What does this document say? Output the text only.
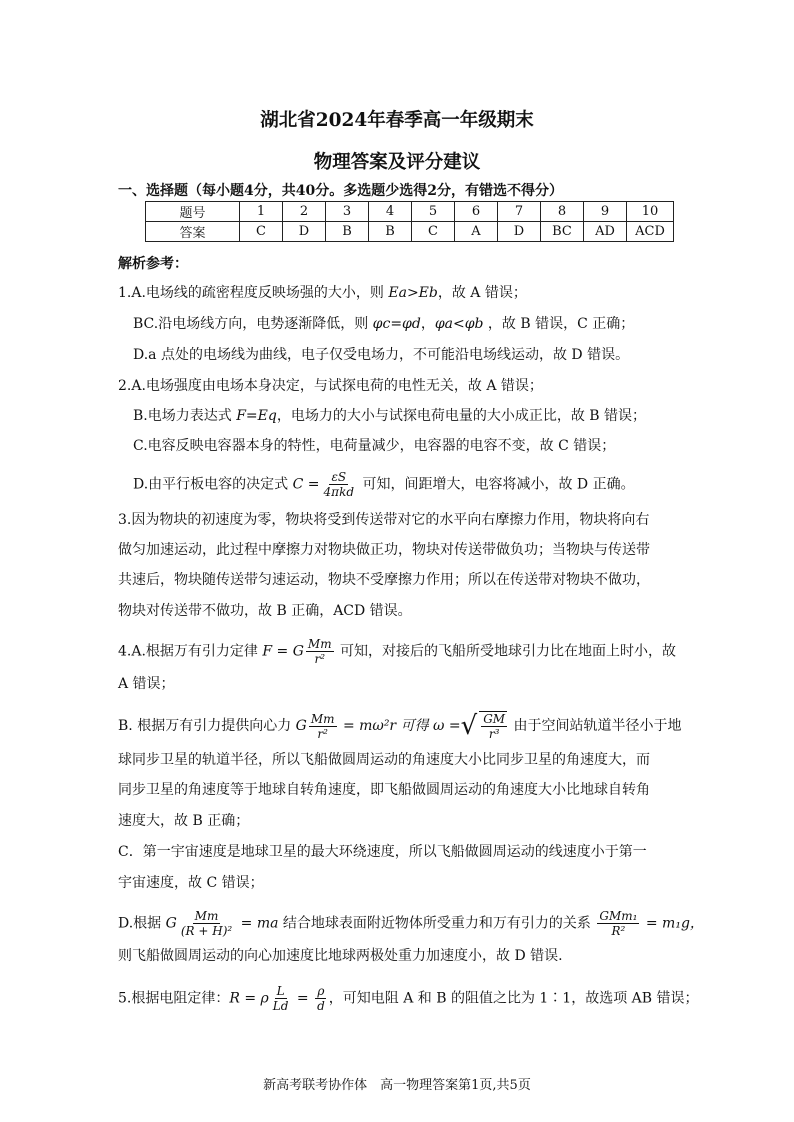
湖北省2024年春季高一年级期末
物理答案及评分建议
一、选择题（每小题4分，共40分。多选题少选得2分，有错选不得分）
题号	1	2	3	4	5	6	7	8	9	10
答案	C	D	B	B	C	A	D	BC	AD	ACD
解析参考：
1.A.电场线的疏密程度反映场强的大小，则 Ea>Eb，故 A 错误；
BC.沿电场线方向，电势逐渐降低，则 φc=φd，φa<φb ，故 B 错误，C 正确；
D.a 点处的电场线为曲线，电子仅受电场力，不可能沿电场线运动，故 D 错误。
2.A.电场强度由电场本身决定，与试探电荷的电性无关，故 A 错误；
B.电场力表达式 F=Eq，电场力的大小与试探电荷电量的大小成正比，故 B 错误；
C.电容反映电容器本身的特性，电荷量减少，电容器的电容不变，故 C 错误；
D.由平行板电容的决定式 $C = \frac{\varepsilon S}{\text{4πkd}}$ 可知，间距增大，电容将减小，故 D 正确。
3.因为物块的初速度为零，物块将受到传送带对它的水平向右摩擦力作用，物块将向右
做匀加速运动，此过程中摩擦力对物块做正功，物块对传送带做负功；当物块与传送带
共速后，物块随传送带匀速运动，物块不受摩擦力作用；所以在传送带对物块不做功，
物块对传送带不做功，故 B 正确，ACD 错误。
4.A.根据万有引力定律 F = G $\frac{Mm}{\text{r²}}$ 可知，对接后的飞船所受地球引力比在地面上时小，故
A 错误；
B. 根据万有引力提供向心力 G $\frac{Mm}{\text{r²}} = m\omega^2r$ 可得 ω = √ $\frac{GM}{\text{r³}}$ 由于空间站轨道半径小于地
球同步卫星的轨道半径，所以飞船做圆周运动的角速度大小比同步卫星的角速度大，而
同步卫星的角速度等于地球自转角速度，即飞船做圆周运动的角速度大小比地球自转角
速度大，故 B 正确；
C．第一宇宙速度是地球卫星的最大环绕速度，所以飞船做圆周运动的线速度小于第一
宇宙速度，故 C 错误；
D.根据 G $\frac{Mm}{\text{(R + H)²}}$ = ma 结合地球表面附近物体所受重力和万有引力的关系 $\frac{\text{GMm₁}}{\text{R²}} = m_1g$，
则飞船做圆周运动的向心加速度比地球两极处重力加速度小，故 D 错误.
5.根据电阻定律：R = ρ $\frac{L}{Ld} = \frac{\rho}{d}$ ，可知电阻 A 和 B 的阻值之比为 1∶1，故选项 AB 错误；
新高考联考协作体　高一物理答案第1页,共5页
